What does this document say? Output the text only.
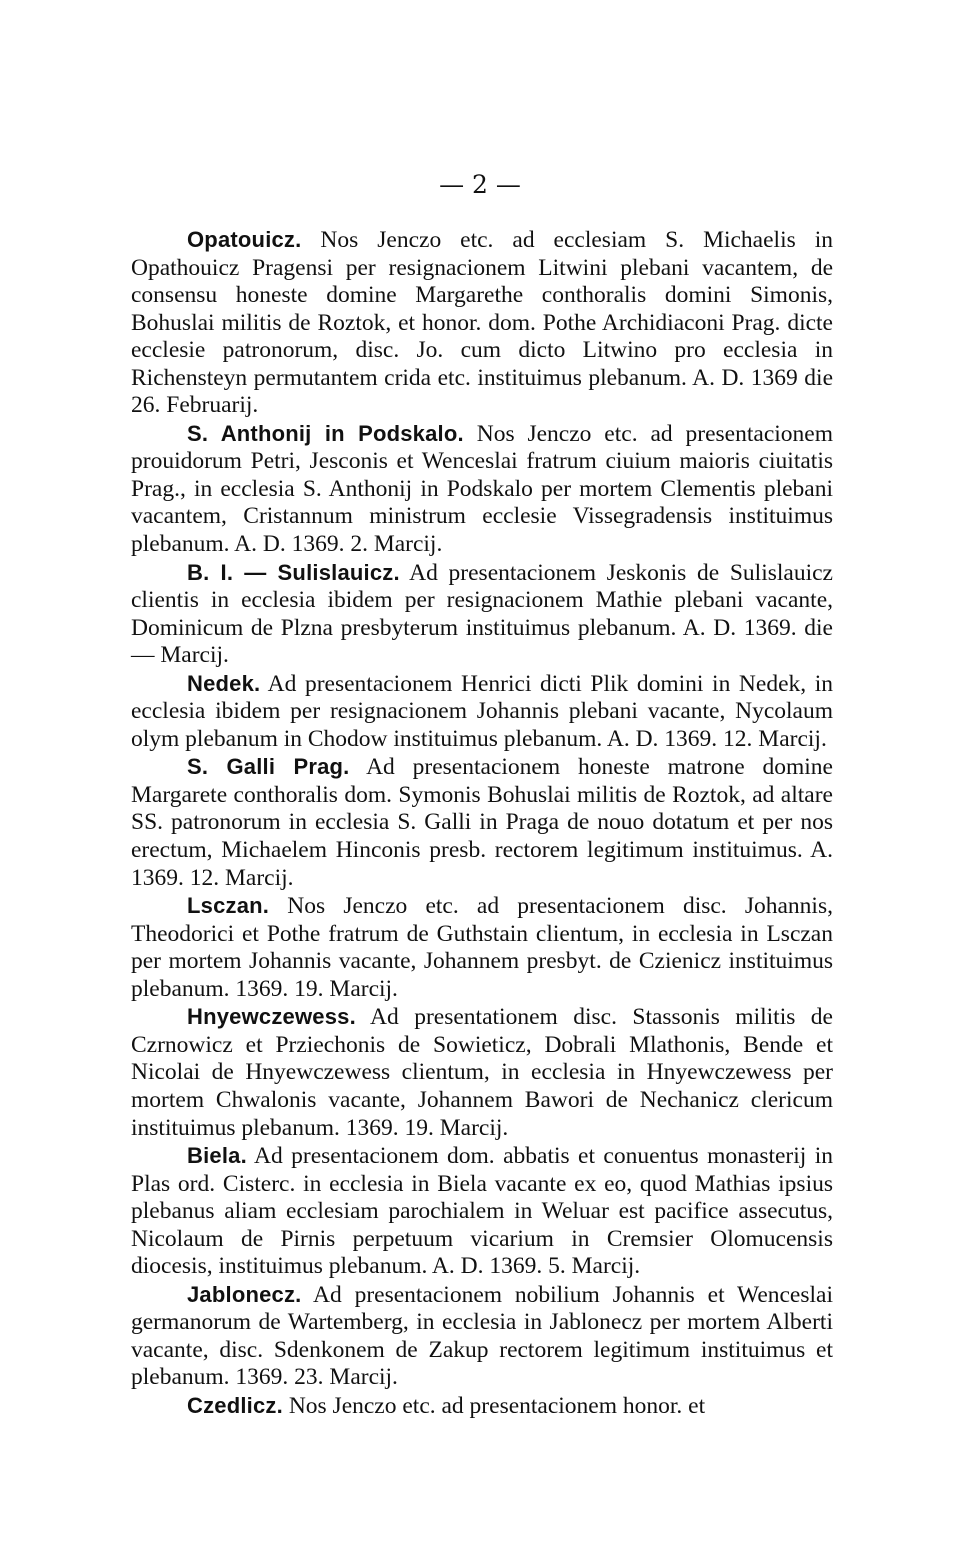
— 2 —

Opatouicz. Nos Jenczo etc. ad ecclesiam S. Michaelis in Opathouicz Pragensi per resignacionem Litwini plebani vacantem, de consensu honeste domine Margarethe conthoralis domini Simonis, Bohuslai militis de Roztok, et honor. dom. Pothe Archidiaconi Prag. dicte ecclesie patronorum, disc. Jo. cum dicto Litwino pro ecclesia in Richensteyn permutantem crida etc. instituimus plebanum. A. D. 1369 die 26. Februarij.

S. Anthonij in Podskalo. Nos Jenczo etc. ad presentacionem prouidorum Petri, Jesconis et Wenceslai fratrum ciuium maioris ciuitatis Prag., in ecclesia S. Anthonij in Podskalo per mortem Clementis plebani vacantem, Cristannum ministrum ecclesie Vissegradensis instituimus plebanum. A. D. 1369. 2. Marcij.

B. I. — Sulislauicz. Ad presentacionem Jeskonis de Sulislauicz clientis in ecclesia ibidem per resignacionem Mathie plebani vacante, Dominicum de Plzna presbyterum instituimus plebanum. A. D. 1369. die — Marcij.

Nedek. Ad presentacionem Henrici dicti Plik domini in Nedek, in ecclesia ibidem per resignacionem Johannis plebani vacante, Nycolaum olym plebanum in Chodow instituimus plebanum. A. D. 1369. 12. Marcij.

S. Galli Prag. Ad presentacionem honeste matrone domine Margarete conthoralis dom. Symonis Bohuslai militis de Roztok, ad altare SS. patronorum in ecclesia S. Galli in Praga de nouo dotatum et per nos erectum, Michaelem Hinconis presb. rectorem legitimum instituimus. A. 1369. 12. Marcij.

Lsczan. Nos Jenczo etc. ad presentacionem disc. Johannis, Theodorici et Pothe fratrum de Guthstain clientum, in ecclesia in Lsczan per mortem Johannis vacante, Johannem presbyt. de Czienicz instituimus plebanum. 1369. 19. Marcij.

Hnyewczewess. Ad presentationem disc. Stassonis militis de Czrnowicz et Prziechonis de Sowieticz, Dobrali Mlathonis, Bende et Nicolai de Hnyewczewess clientum, in ecclesia in Hnyewczewess per mortem Chwalonis vacante, Johannem Bawori de Nechanicz clericum instituimus plebanum. 1369. 19. Marcij.

Biela. Ad presentacionem dom. abbatis et conuentus monasterij in Plas ord. Cisterc. in ecclesia in Biela vacante ex eo, quod Mathias ipsius plebanus aliam ecclesiam parochialem in Weluar est pacifice assecutus, Nicolaum de Pirnis perpetuum vicarium in Cremsier Olomucensis diocesis, instituimus plebanum. A. D. 1369. 5. Marcij.

Jablonecz. Ad presentacionem nobilium Johannis et Wenceslai germanorum de Wartemberg, in ecclesia in Jablonecz per mortem Alberti vacante, disc. Sdenkonem de Zakup rectorem legitimum instituimus et plebanum. 1369. 23. Marcij.

Czedlicz. Nos Jenczo etc. ad presentacionem honor. et
